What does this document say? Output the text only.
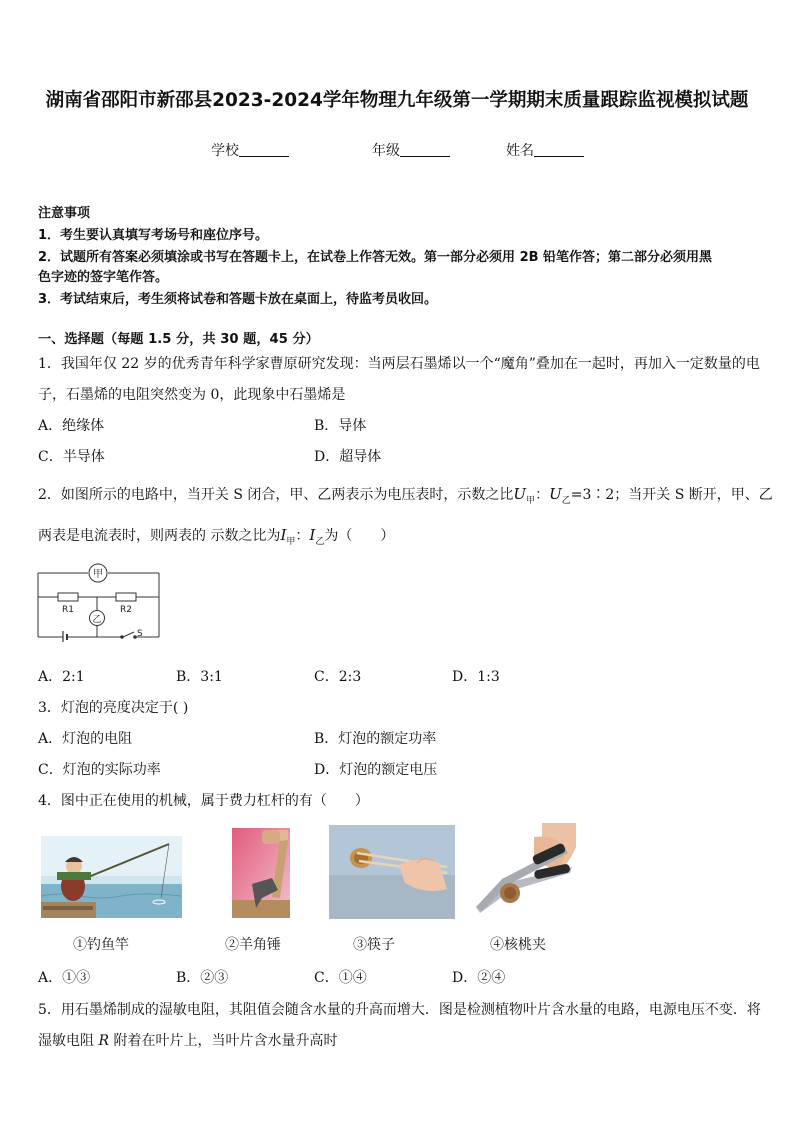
湖南省邵阳市新邵县2023-2024学年物理九年级第一学期期末质量跟踪监视模拟试题
学校	年级	姓名
注意事项
1．考生要认真填写考场号和座位序号。
2．试题所有答案必须填涂或书写在答题卡上，在试卷上作答无效。第一部分必须用 2B 铅笔作答；第二部分必须用黑
色字迹的签字笔作答。
3．考试结束后，考生须将试卷和答题卡放在桌面上，待监考员收回。
一、选择题（每题 1.5 分，共 30 题，45 分）
1．我国年仅 22 岁的优秀青年科学家曹原研究发现：当两层石墨烯以一个“魔角”叠加在一起时，再加入一定数量的电
子，石墨烯的电阻突然变为 0，此现象中石墨烯是
A．绝缘体	B．导体
C．半导体	D．超导体
2．如图所示的电路中，当开关 S 闭合，甲、乙两表示为电压表时，示数之比$U_甲$：$U_乙=3∶2$；当开关 S 断开，甲、乙
两表是电流表时，则两表的 示数之比为$I_甲$：$I_乙$为（　　）
甲
乙
R1	R2
S
A．2:1	B．3:1	C．2:3	D．1:3
3．灯泡的亮度决定于( )
A．灯泡的电阻	B．灯泡的额定功率
C．灯泡的实际功率	D．灯泡的额定电压
4．图中正在使用的机械，属于费力杠杆的有（　　）
①钓鱼竿	②羊角锤	③筷子	④核桃夹
A．①③	B．②③	C．①④	D．②④
5．用石墨烯制成的湿敏电阻，其阻值会随含水量的升高而增大．图是检测植物叶片含水量的电路，电源电压不变．将
湿敏电阻 R 附着在叶片上，当叶片含水量升高时
